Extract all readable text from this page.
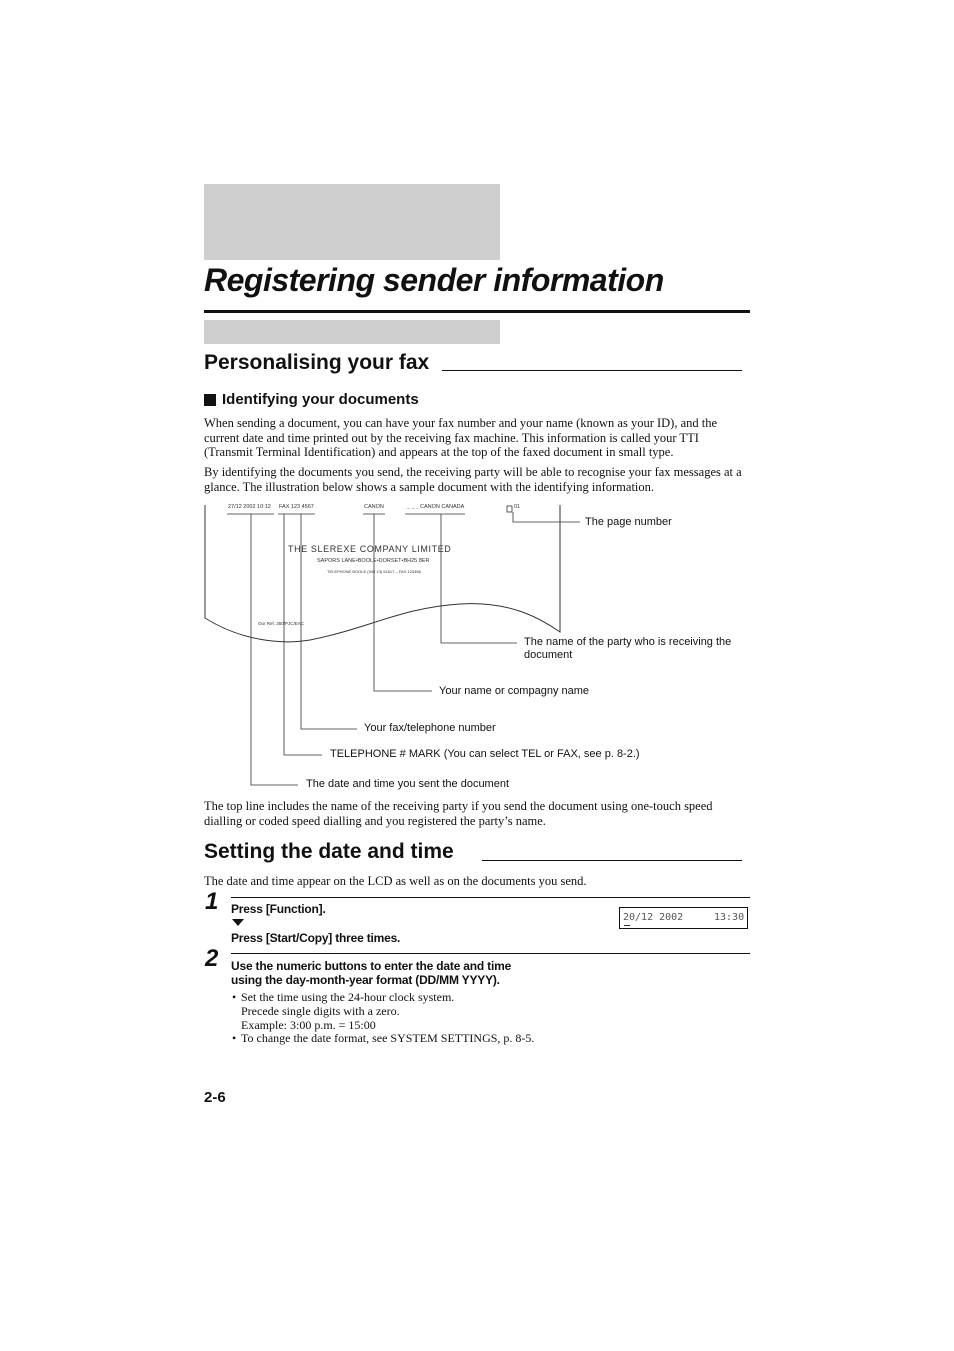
Registering sender information
Personalising your fax
Identifying your documents
When sending a document, you can have your fax number and your name (known as your ID), and the current date and time printed out by the receiving fax machine. This information is called your TTI (Transmit Terminal Identification) and appears at the top of the faxed document in small type.
By identifying the documents you send, the receiving party will be able to recognise your fax messages at a glance. The illustration below shows a sample document with the identifying information.
27/12 2002 10:12 FAX 123 4567	CANON	→→→ CANON CANADA	01
THE SLEREXE COMPANY LIMITED
SAPORS LANE•BOOLE•DORSET•BH25 8ER
TELEPHONE BOOLE (945 13) 51617 – FAX 123456
Our Ref. 350/PJC/EAC
The page number
The name of the party who is receiving the document
Your name or compagny name
Your fax/telephone number
TELEPHONE # MARK (You can select TEL or FAX, see p. 8-2.)
The date and time you sent the document
The top line includes the name of the receiving party if you send the document using one-touch speed dialling or coded speed dialling and you registered the party’s name.
Setting the date and time
The date and time appear on the LCD as well as on the documents you send.
1 Press [Function].
Press [Start/Copy] three times.
20/12 2002	13:30
2 Use the numeric buttons to enter the date and time using the day-month-year format (DD/MM YYYY).
• Set the time using the 24-hour clock system.
Precede single digits with a zero.
Example: 3:00 p.m. = 15:00
• To change the date format, see SYSTEM SETTINGS, p. 8-5.
2-6
